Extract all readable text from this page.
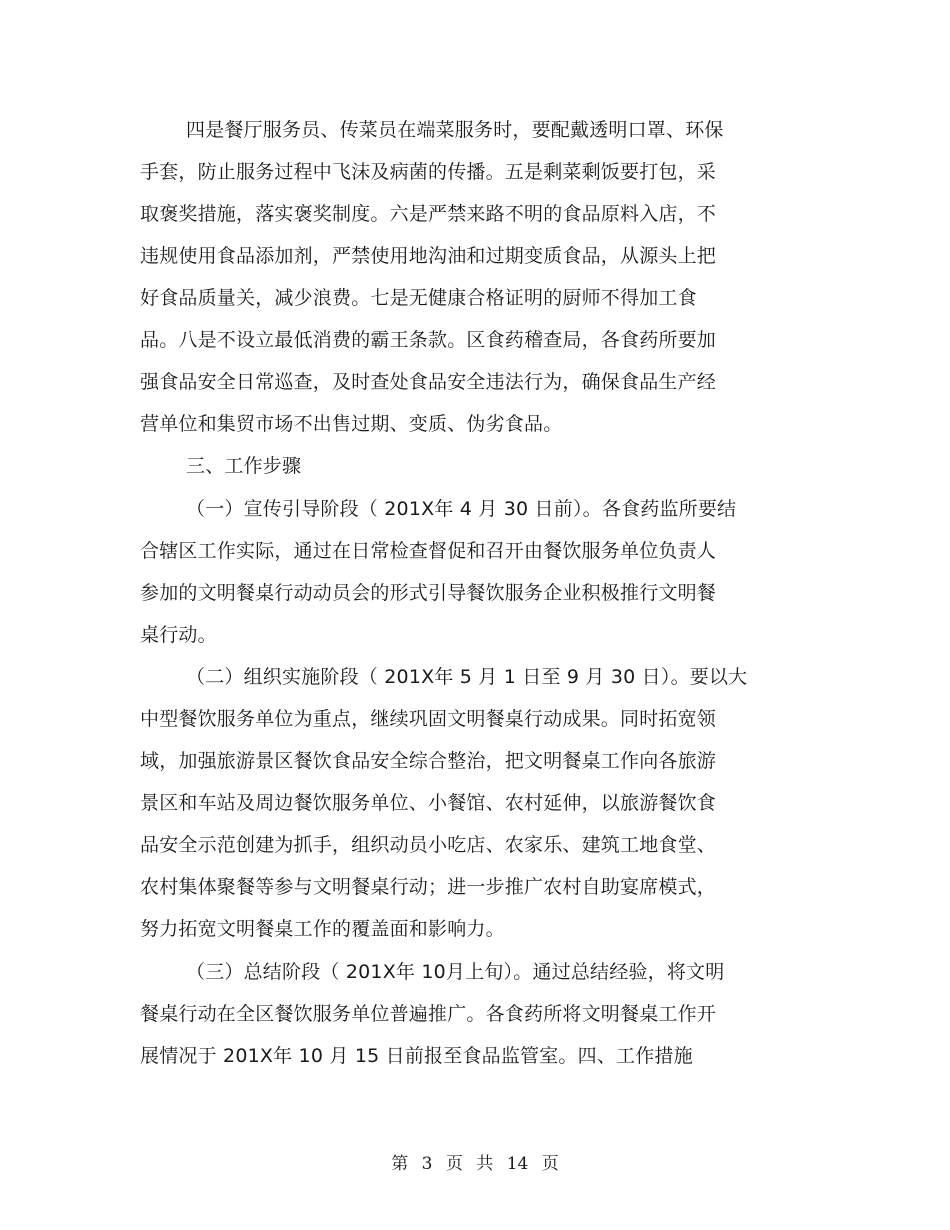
四是餐厅服务员、传菜员在端菜服务时，要配戴透明口罩、环保
手套，防止服务过程中飞沫及病菌的传播。五是剩菜剩饭要打包，采
取褒奖措施，落实褒奖制度。六是严禁来路不明的食品原料入店，不
违规使用食品添加剂，严禁使用地沟油和过期变质食品，从源头上把
好食品质量关，减少浪费。七是无健康合格证明的厨师不得加工食
品。八是不设立最低消费的霸王条款。区食药稽查局，各食药所要加
强食品安全日常巡查，及时查处食品安全违法行为，确保食品生产经
营单位和集贸市场不出售过期、变质、伪劣食品。
三、工作步骤
（一）宣传引导阶段（ 201X年 4 月 30 日前）。各食药监所要结
合辖区工作实际，通过在日常检查督促和召开由餐饮服务单位负责人
参加的文明餐桌行动动员会的形式引导餐饮服务企业积极推行文明餐
桌行动。
（二）组织实施阶段（ 201X年 5 月 1 日至 9 月 30 日）。要以大
中型餐饮服务单位为重点，继续巩固文明餐桌行动成果。同时拓宽领
域，加强旅游景区餐饮食品安全综合整治，把文明餐桌工作向各旅游
景区和车站及周边餐饮服务单位、小餐馆、农村延伸，以旅游餐饮食
品安全示范创建为抓手，组织动员小吃店、农家乐、建筑工地食堂、
农村集体聚餐等参与文明餐桌行动；进一步推广农村自助宴席模式，
努力拓宽文明餐桌工作的覆盖面和影响力。
（三）总结阶段（ 201X年 10月上旬）。通过总结经验，将文明
餐桌行动在全区餐饮服务单位普遍推广。各食药所将文明餐桌工作开
展情况于 201X年 10 月 15 日前报至食品监管室。四、工作措施
第 3 页 共 14 页
